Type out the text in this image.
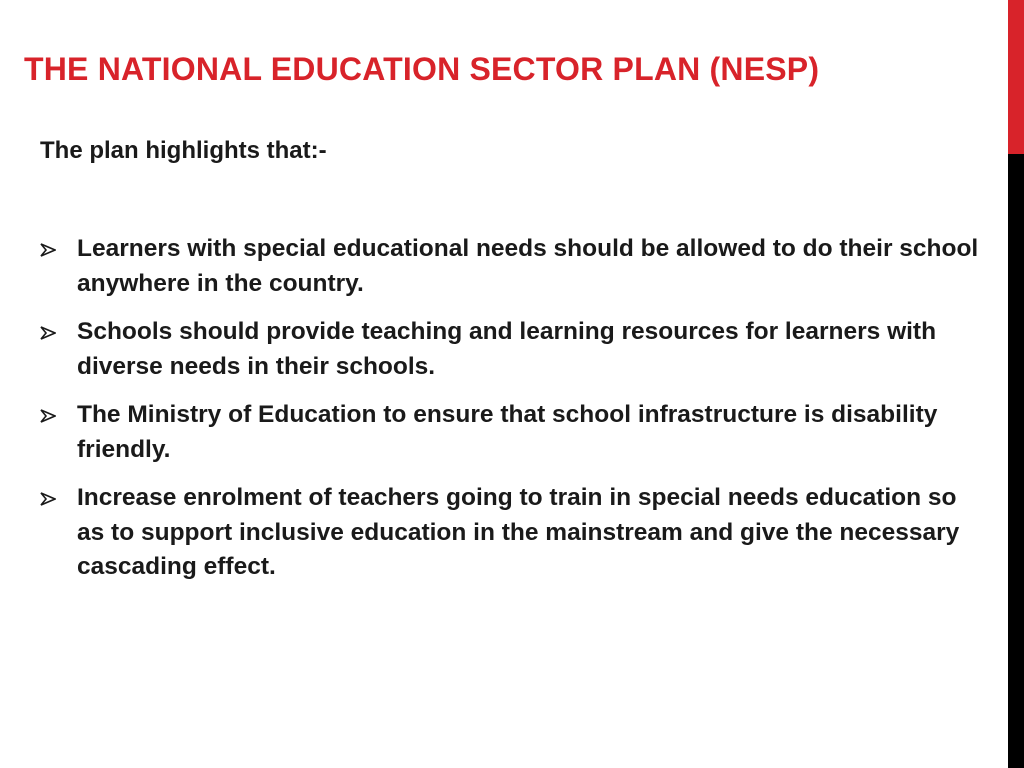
THE NATIONAL EDUCATION SECTOR PLAN (NESP)

The plan highlights that:-

Learners with special educational needs should be allowed to do their school anywhere in the country.
Schools should provide teaching and learning resources for learners with diverse needs in their schools.
The Ministry of Education to ensure that school infrastructure is disability friendly.
Increase enrolment of teachers going to train in special needs education so as to support inclusive education in the mainstream and give the necessary cascading effect.
